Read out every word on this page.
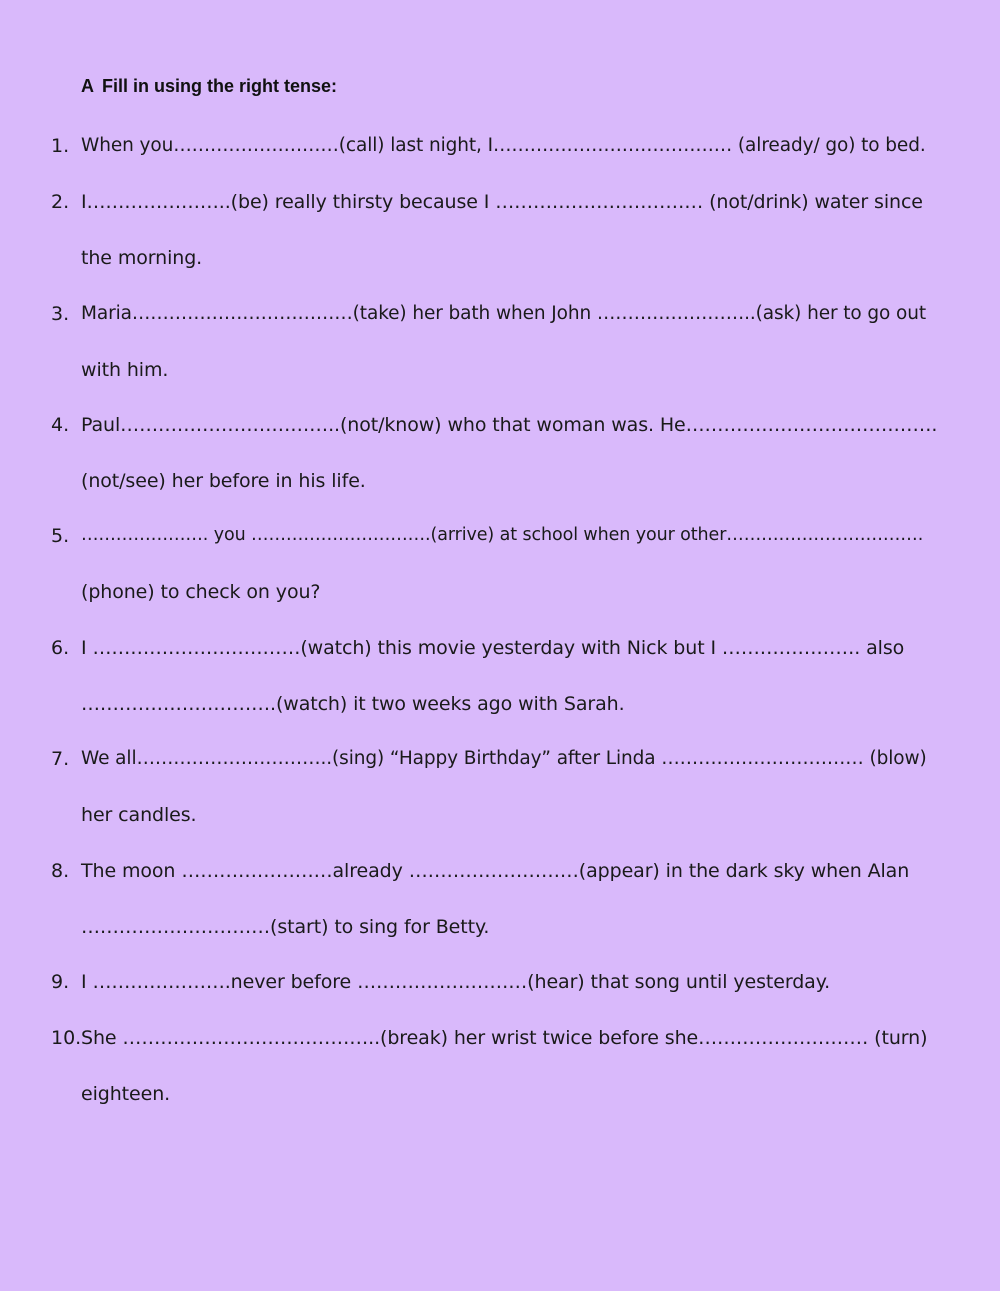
A Fill in using the right tense:
1. When you………………………(call) last night, I………………………………… (already/ go) to bed.
2. I…………………..(be) really thirsty because I …………………………… (not/drink) water since
the morning.
3. Maria………………………………(take) her bath when John ……………………..(ask) her to go out
with him.
4. Paul……………………………..(not/know) who that woman was. He………………………………….
(not/see) her before in his life.
5. …………………. you ………………………….(arrive) at school when your other…………………………….
(phone) to check on you?
6. I ……………………………(watch) this movie yesterday with Nick but I …………………. also
………………………….(watch) it two weeks ago with Sarah.
7. We all…………………………..(sing) “Happy Birthday” after Linda …………………………… (blow)
her candles.
8. The moon ……………………already ………………………(appear) in the dark sky when Alan
…………………………(start) to sing for Betty.
9. I ………………….never before ………………………(hear) that song until yesterday.
10. She …………………………………..(break) her wrist twice before she……………………… (turn)
eighteen.
